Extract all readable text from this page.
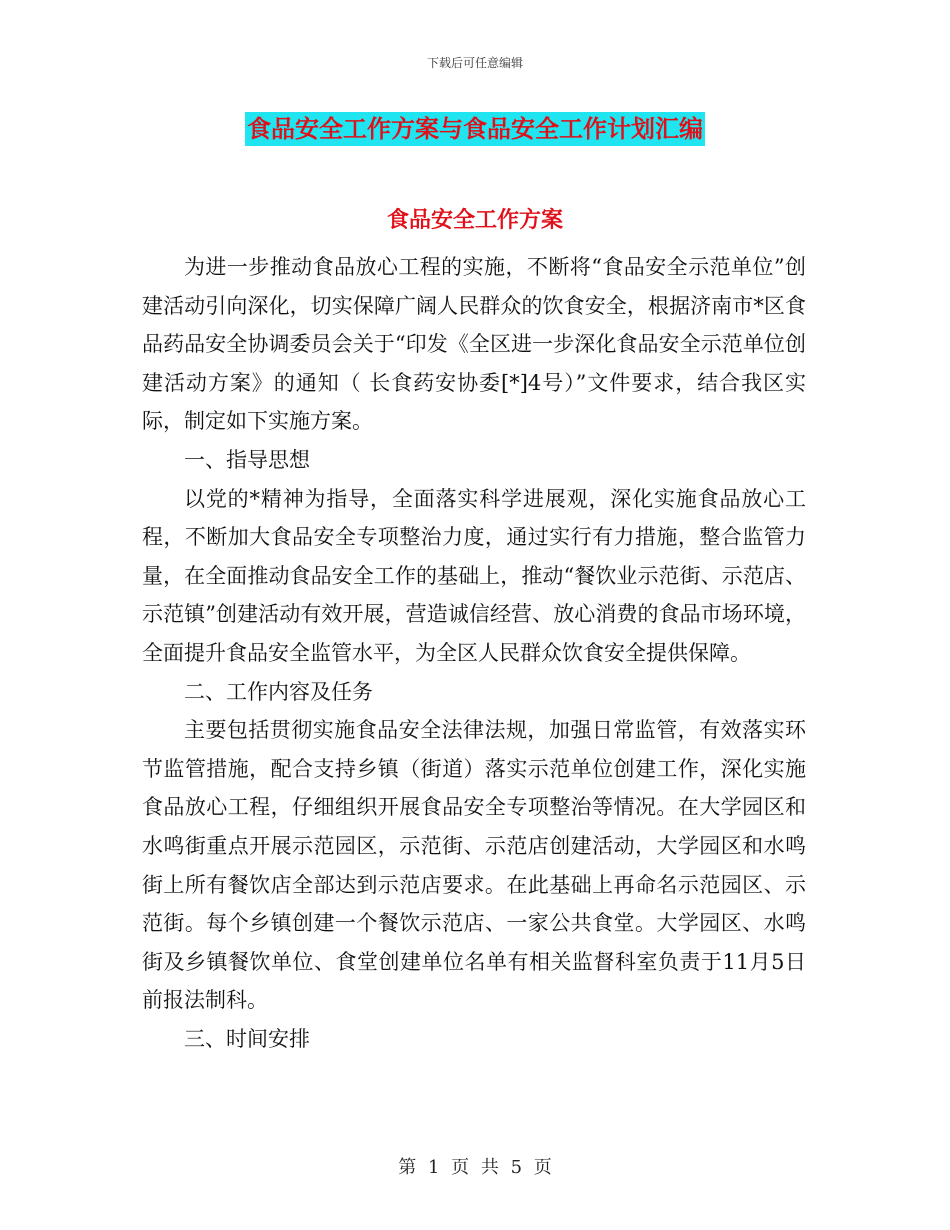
下载后可任意编辑
食品安全工作方案与食品安全工作计划汇编
食品安全工作方案

为进一步推动食品放心工程的实施，不断将“食品安全示范单位”创建活动引向深化，切实保障广阔人民群众的饮食安全，根据济南市*区食品药品安全协调委员会关于“印发《全区进一步深化食品安全示范单位创建活动方案》的通知（ 长食药安协委[*]4号）”文件要求，结合我区实际，制定如下实施方案。

一、指导思想

以党的*精神为指导，全面落实科学进展观，深化实施食品放心工程，不断加大食品安全专项整治力度，通过实行有力措施，整合监管力量，在全面推动食品安全工作的基础上，推动“餐饮业示范街、示范店、示范镇”创建活动有效开展，营造诚信经营、放心消费的食品市场环境，全面提升食品安全监管水平，为全区人民群众饮食安全提供保障。

二、工作内容及任务

主要包括贯彻实施食品安全法律法规，加强日常监管，有效落实环节监管措施，配合支持乡镇（街道）落实示范单位创建工作，深化实施食品放心工程，仔细组织开展食品安全专项整治等情况。在大学园区和水鸣街重点开展示范园区，示范街、示范店创建活动，大学园区和水鸣街上所有餐饮店全部达到示范店要求。在此基础上再命名示范园区、示范街。每个乡镇创建一个餐饮示范店、一家公共食堂。大学园区、水鸣街及乡镇餐饮单位、食堂创建单位名单有相关监督科室负责于11月5日前报法制科。

三、时间安排

第 1 页 共 5 页
